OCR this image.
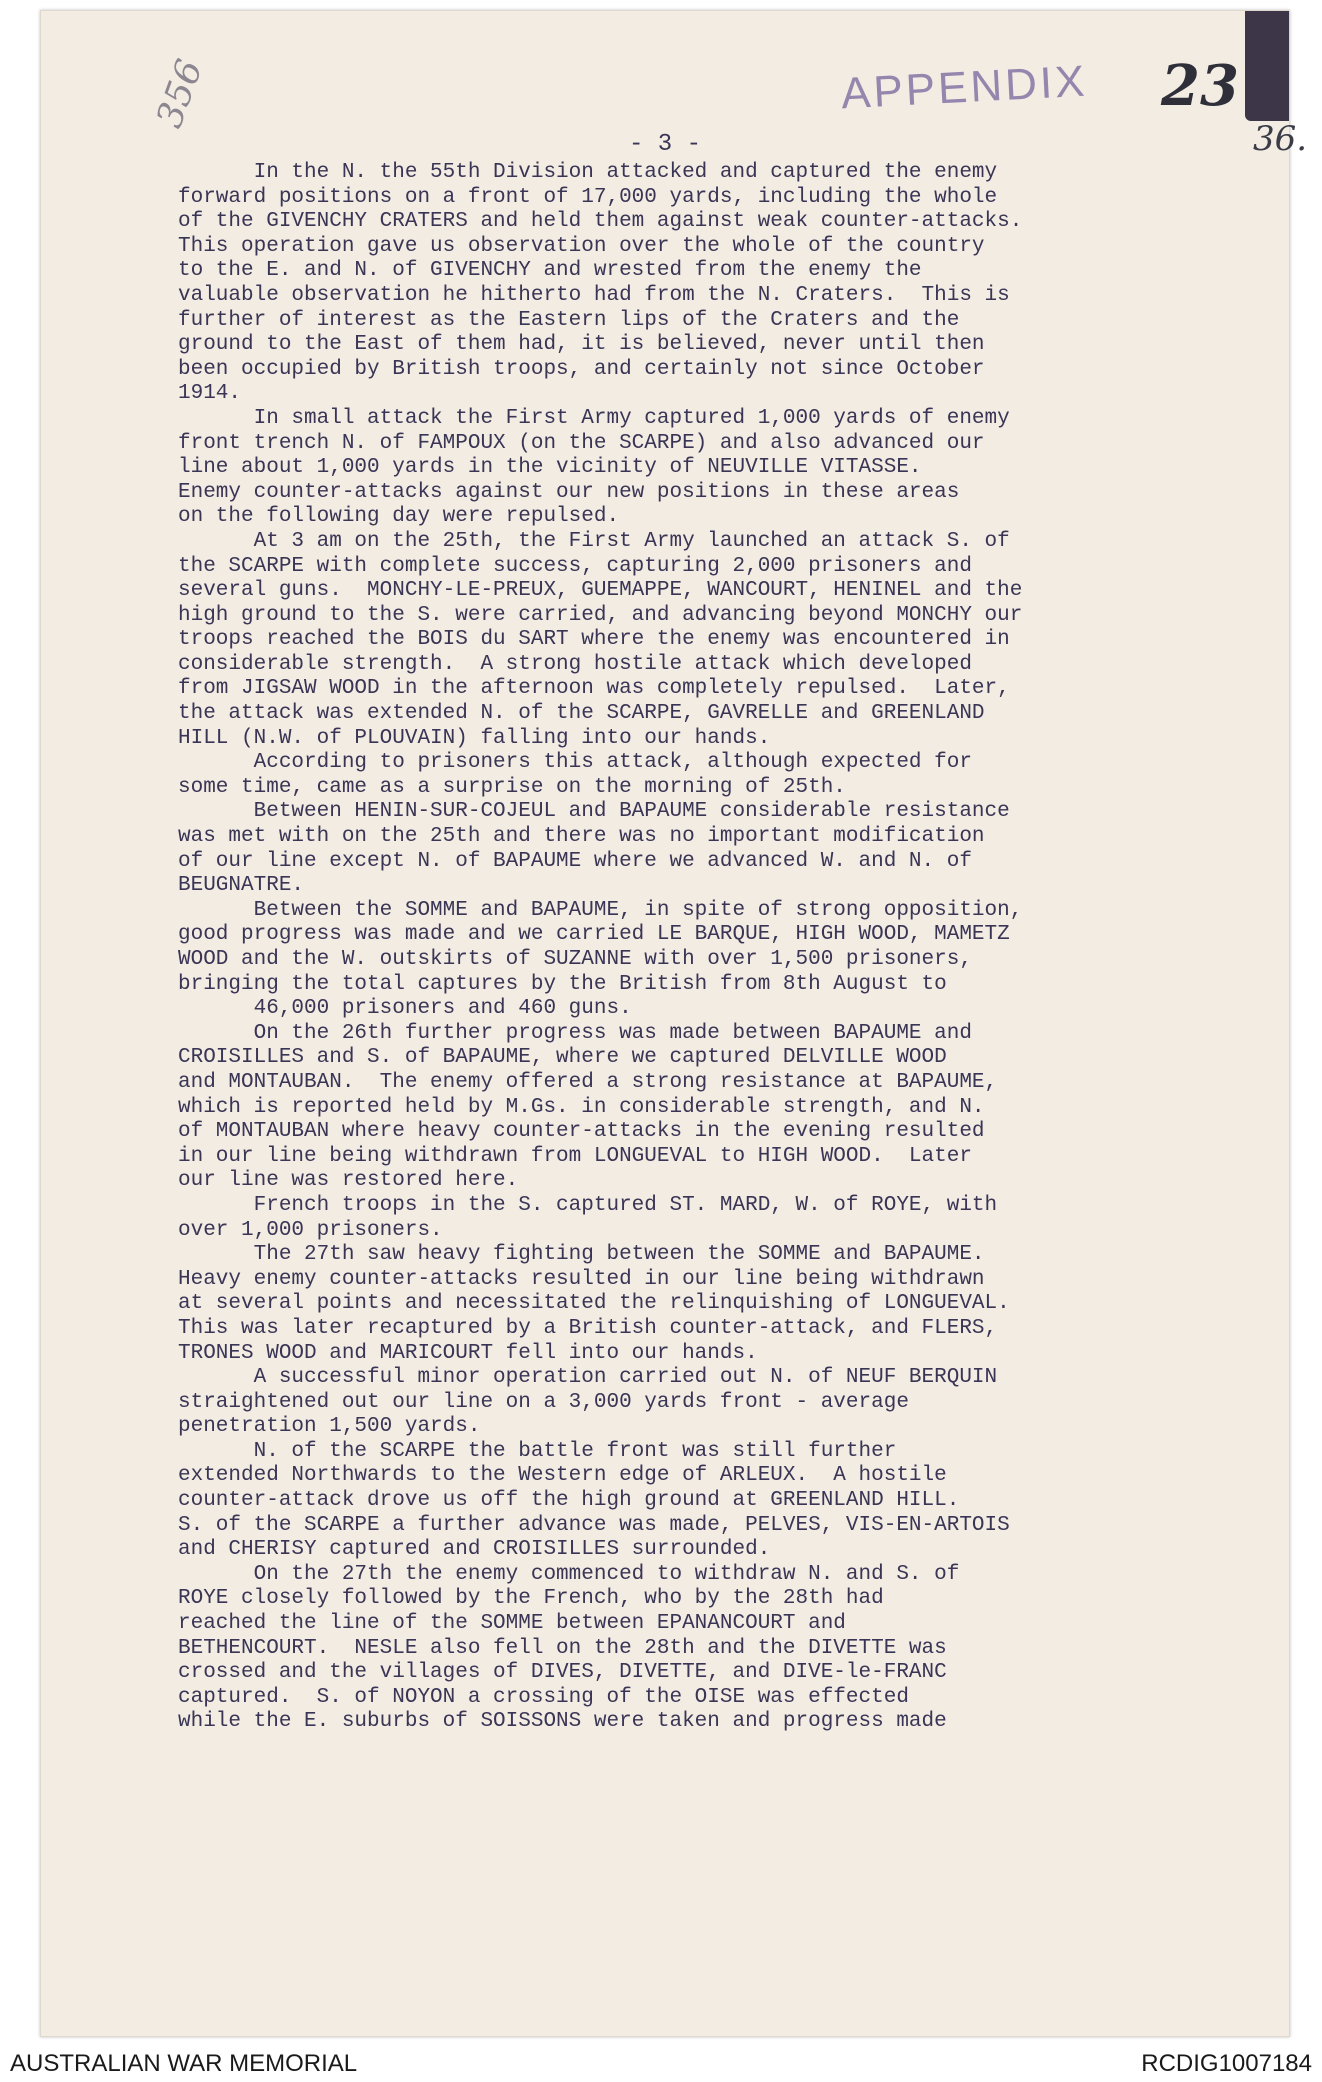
APPENDIX 23
36.
356
- 3 -
In the N. the 55th Division attacked and captured the enemy
forward positions on a front of 17,000 yards, including the whole
of the GIVENCHY CRATERS and held them against weak counter-attacks.
This operation gave us observation over the whole of the country
to the E. and N. of GIVENCHY and wrested from the enemy the
valuable observation he hitherto had from the N. Craters.  This is
further of interest as the Eastern lips of the Craters and the
ground to the East of them had, it is believed, never until then
been occupied by British troops, and certainly not since October
1914.
In small attack the First Army captured 1,000 yards of enemy
front trench N. of FAMPOUX (on the SCARPE) and also advanced our
line about 1,000 yards in the vicinity of NEUVILLE VITASSE.
Enemy counter-attacks against our new positions in these areas
on the following day were repulsed.
At 3 am on the 25th, the First Army launched an attack S. of
the SCARPE with complete success, capturing 2,000 prisoners and
several guns.  MONCHY-LE-PREUX, GUEMAPPE, WANCOURT, HENINEL and the
high ground to the S. were carried, and advancing beyond MONCHY our
troops reached the BOIS du SART where the enemy was encountered in
considerable strength.  A strong hostile attack which developed
from JIGSAW WOOD in the afternoon was completely repulsed.  Later,
the attack was extended N. of the SCARPE, GAVRELLE and GREENLAND
HILL (N.W. of PLOUVAIN) falling into our hands.
According to prisoners this attack, although expected for
some time, came as a surprise on the morning of 25th.
Between HENIN-SUR-COJEUL and BAPAUME considerable resistance
was met with on the 25th and there was no important modification
of our line except N. of BAPAUME where we advanced W. and N. of
BEUGNATRE.
Between the SOMME and BAPAUME, in spite of strong opposition,
good progress was made and we carried LE BARQUE, HIGH WOOD, MAMETZ
WOOD and the W. outskirts of SUZANNE with over 1,500 prisoners,
bringing the total captures by the British from 8th August to
46,000 prisoners and 460 guns.
On the 26th further progress was made between BAPAUME and
CROISILLES and S. of BAPAUME, where we captured DELVILLE WOOD
and MONTAUBAN.  The enemy offered a strong resistance at BAPAUME,
which is reported held by M.Gs. in considerable strength, and N.
of MONTAUBAN where heavy counter-attacks in the evening resulted
in our line being withdrawn from LONGUEVAL to HIGH WOOD.  Later
our line was restored here.
French troops in the S. captured ST. MARD, W. of ROYE, with
over 1,000 prisoners.
The 27th saw heavy fighting between the SOMME and BAPAUME.
Heavy enemy counter-attacks resulted in our line being withdrawn
at several points and necessitated the relinquishing of LONGUEVAL.
This was later recaptured by a British counter-attack, and FLERS,
TRONES WOOD and MARICOURT fell into our hands.
A successful minor operation carried out N. of NEUF BERQUIN
straightened out our line on a 3,000 yards front - average
penetration 1,500 yards.
N. of the SCARPE the battle front was still further
extended Northwards to the Western edge of ARLEUX.  A hostile
counter-attack drove us off the high ground at GREENLAND HILL.
S. of the SCARPE a further advance was made, PELVES, VIS-EN-ARTOIS
and CHERISY captured and CROISILLES surrounded.
On the 27th the enemy commenced to withdraw N. and S. of
ROYE closely followed by the French, who by the 28th had
reached the line of the SOMME between EPANANCOURT and
BETHENCOURT.  NESLE also fell on the 28th and the DIVETTE was
crossed and the villages of DIVES, DIVETTE, and DIVE-le-FRANC
captured.  S. of NOYON a crossing of the OISE was effected
while the E. suburbs of SOISSONS were taken and progress made
AUSTRALIAN WAR MEMORIAL	RCDIG1007184
